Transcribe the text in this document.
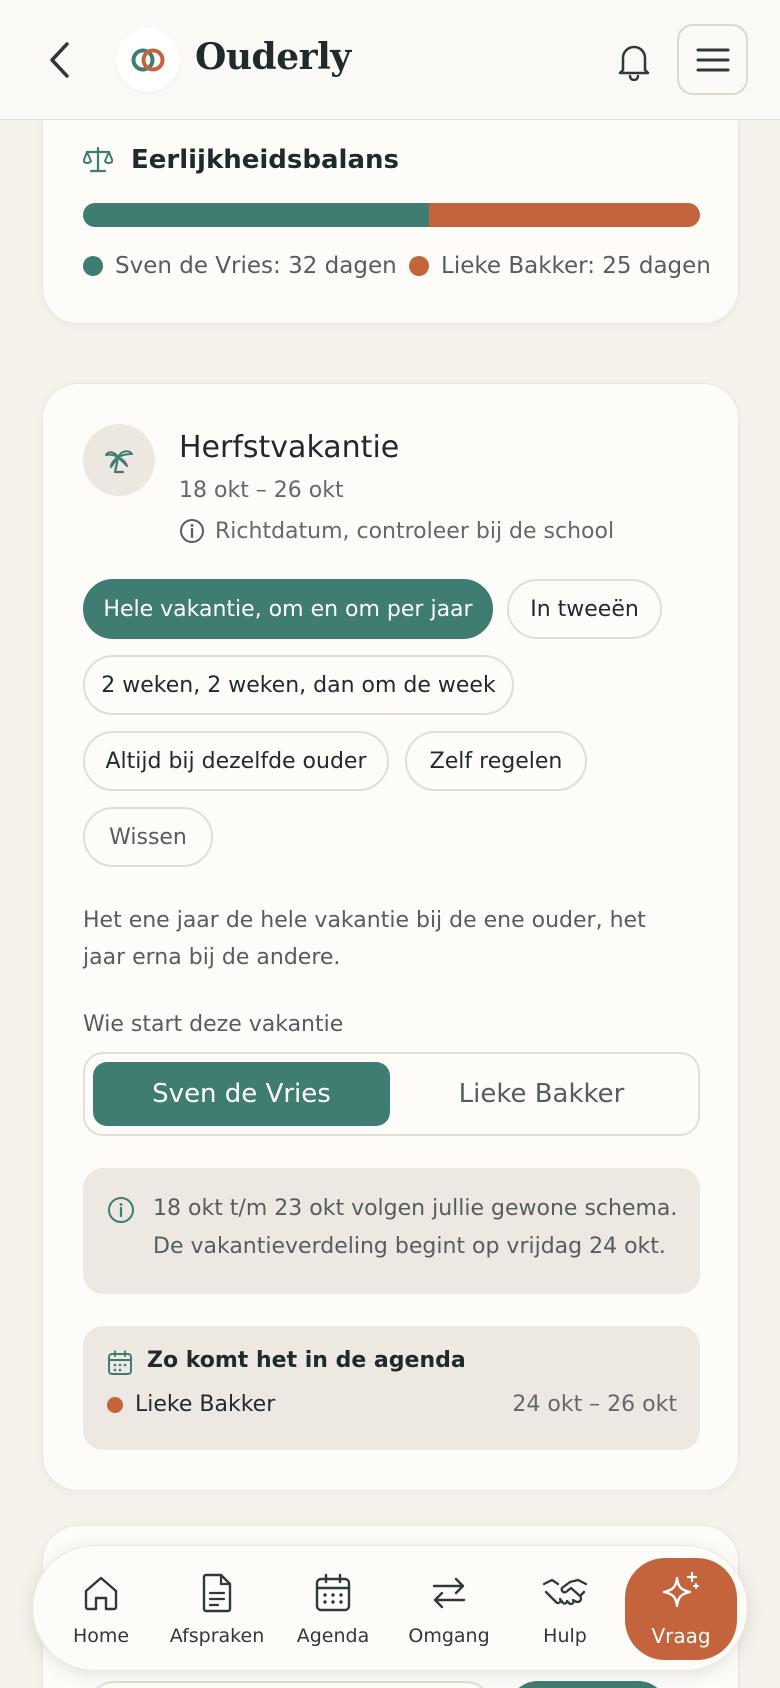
Ouderly
Eerlijkheidsbalans
Sven de Vries: 32 dagen Lieke Bakker: 25 dagen
Herfstvakantie
18 okt – 26 okt
Richtdatum, controleer bij de school
Hele vakantie, om en om per jaar	In tweeën
2 weken, 2 weken, dan om de week
Altijd bij dezelfde ouder	Zelf regelen
Wissen
Het ene jaar de hele vakantie bij de ene ouder, het jaar erna bij de andere.
Wie start deze vakantie
Sven de Vries	Lieke Bakker
18 okt t/m 23 okt volgen jullie gewone schema. De vakantieverdeling begint op vrijdag 24 okt.
Zo komt het in de agenda
Lieke Bakker	24 okt – 26 okt
Home Afspraken Agenda Omgang	Hulp	Vraag
